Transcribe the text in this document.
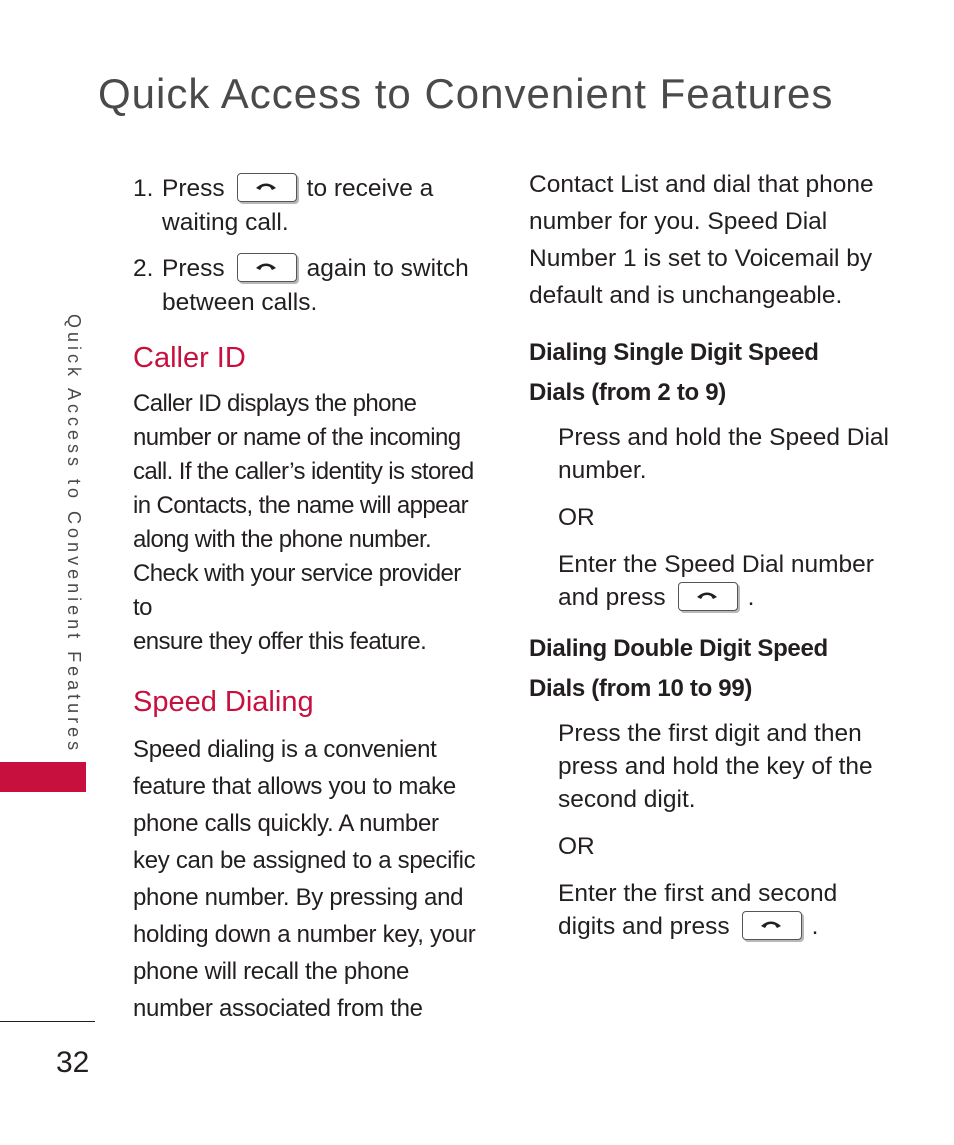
Quick Access to Convenient Features
Quick Access to Convenient Features
32
1. Press	to receive a
waiting call.
2. Press	again to switch
between calls.
Caller ID
Caller ID displays the phone
number or name of the incoming
call. If the caller’s identity is stored
in Contacts, the name will appear
along with the phone number.
Check with your service provider to
ensure they offer this feature.
Speed Dialing
Speed dialing is a convenient
feature that allows you to make
phone calls quickly. A number
key can be assigned to a specific
phone number. By pressing and
holding down a number key, your
phone will recall the phone
number associated from the
Contact List and dial that phone
number for you. Speed Dial
Number 1 is set to Voicemail by
default and is unchangeable.
Dialing Single Digit Speed
Dials (from 2 to 9)
Press and hold the Speed Dial
number.
OR
Enter the Speed Dial number
and press	.
Dialing Double Digit Speed
Dials (from 10 to 99)
Press the first digit and then
press and hold the key of the
second digit.
OR
Enter the first and second
digits and press	.
